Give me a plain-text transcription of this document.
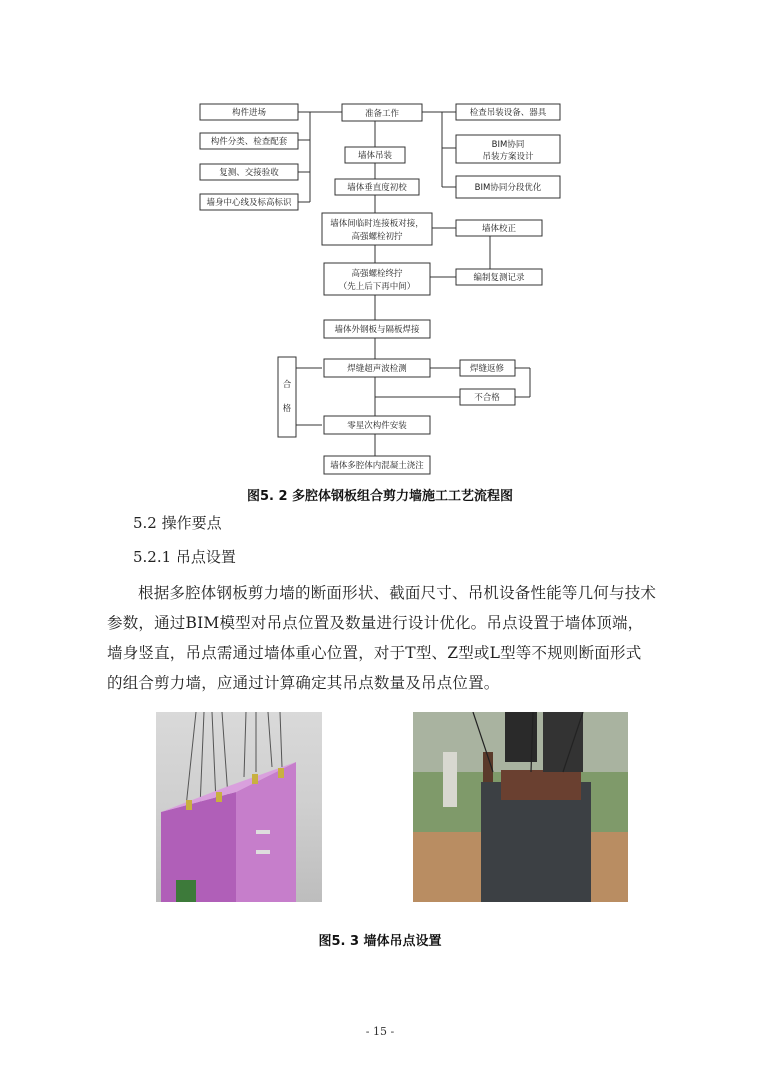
构件进场
构件分类、检查配套
复测、交接验收
墙身中心线及标高标识
准备工作
墙体吊装
墙体垂直度初校
墙体间临时连接板对接，
高强螺栓初拧
高强螺栓终拧
（先上后下再中间）
墙体外钢板与隔板焊接
焊缝超声波检测
零星次构件安装
墙体多腔体内混凝土浇注
检查吊装设备、器具
BIM协同
吊装方案设计
BIM协同分段优化
墙体校正
编制复测记录
焊缝返修
不合格
合
格
图5. 2 多腔体钢板组合剪力墙施工工艺流程图
5.2 操作要点
5.2.1 吊点设置
根据多腔体钢板剪力墙的断面形状、截面尺寸、吊机设备性能等几何与技术参数，通过BIM模型对吊点位置及数量进行设计优化。吊点设置于墙体顶端，墙身竖直，吊点需通过墙体重心位置，对于T型、Z型或L型等不规则断面形式的组合剪力墙，应通过计算确定其吊点数量及吊点位置。
图5. 3 墙体吊点设置
- 15 -
